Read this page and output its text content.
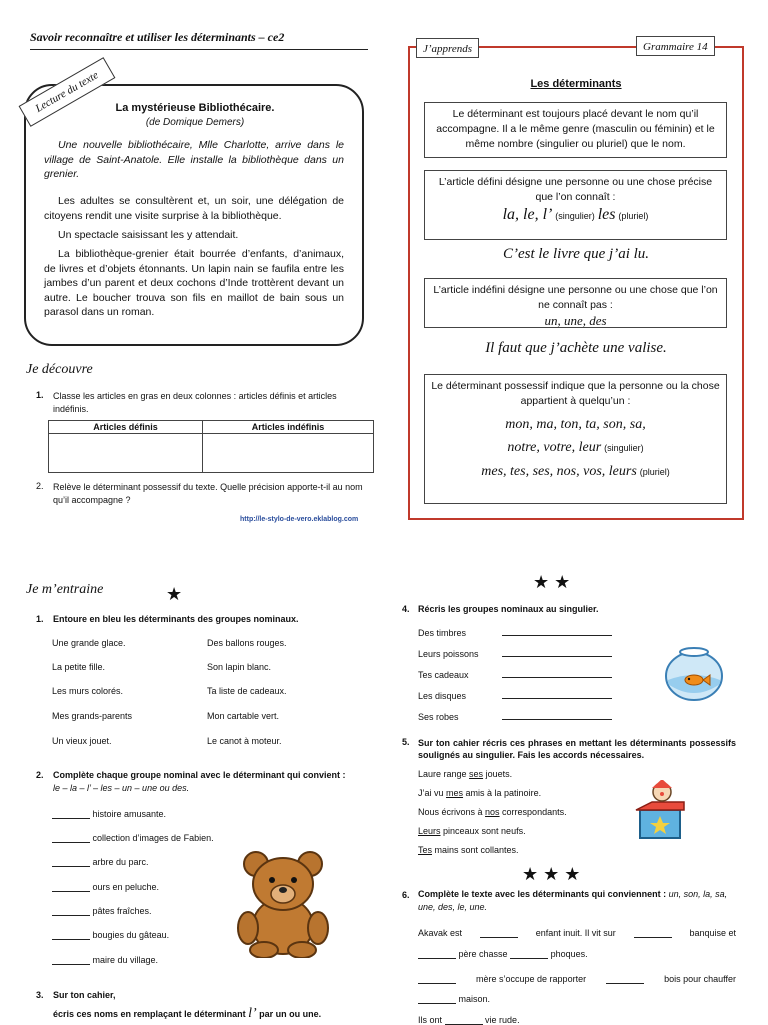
Savoir reconnaître et utiliser les déterminants – ce2
Lecture du texte	La mystérieuse Bibliothécaire.
(de Domique Demers)
Une nouvelle bibliothécaire, Mlle Charlotte, arrive dans le village de Saint-Anatole. Elle installe la bibliothèque dans un grenier.
Les adultes se consultèrent et, un soir, une délégation de citoyens rendit une visite surprise à la bibliothèque.
Un spectacle saisissant les y attendait.
La bibliothèque-grenier était bourrée d’enfants, d’animaux, de livres et d’objets étonnants. Un lapin nain se faufila entre les jambes d’un parent et deux cochons d’Inde trottèrent devant un autre. Le boucher trouva son fils en maillot de bain sous un parasol dans un roman.
Je découvre
1. Classe les articles en gras en deux colonnes : articles définis et articles indéfinis.
Articles définis	Articles indéfinis

2. Relève le déterminant possessif du texte. Quelle précision apporte-t-il au nom qu’il accompagne ?
http://le-stylo-de-vero.eklablog.com
J’apprends	Grammaire 14
Les déterminants
Le déterminant est toujours placé devant le nom qu’il accompagne. Il a le même genre (masculin ou féminin) et le même nombre (singulier ou pluriel) que le nom.
L’article défini désigne une personne ou une chose précise que l’on connaît :
la, le, l’ (singulier) les (pluriel)
C’est le livre que j’ai lu.
L’article indéfini désigne une personne ou une chose que l’on ne connaît pas :
un, une, des
Il faut que j’achète une valise.
Le déterminant possessif indique que la personne ou la chose appartient à quelqu’un :
mon, ma, ton, ta, son, sa,
notre, votre, leur (singulier)
mes, tes, ses, nos, vos, leurs (pluriel)
Je m’entraine	★
1. Entoure en bleu les déterminants des groupes nominaux.
Une grande glace.
La petite fille.
Les murs colorés.
Mes grands-parents
Un vieux jouet.
Des ballons rouges.
Son lapin blanc.
Ta liste de cadeaux.
Mon cartable vert.
Le canot à moteur.
2. Complète chaque groupe nominal avec le déterminant qui convient :
le – la – l’ – les – un – une ou des.
histoire amusante.
collection d’images de Fabien.
arbre du parc.
ours en peluche.
pâtes fraîches.
bougies du gâteau.
maire du village.
3. Sur ton cahier,
écris ces noms en remplaçant le déterminant l’ par un ou une.
★ ★
4. Récris les groupes nominaux au singulier.
Des timbres
Leurs poissons
Tes cadeaux
Les disques
Ses robes
5. Sur ton cahier récris ces phrases en mettant les déterminants possessifs soulignés au singulier. Fais les accords nécessaires.
Laure range ses jouets.
J’ai vu mes amis à la patinoire.
Nous écrivons à nos correspondants.
Leurs pinceaux sont neufs.
Tes mains sont collantes.
★ ★ ★
6. Complète le texte avec les déterminants qui conviennent : un, son, la, sa, une, des, le, une.
Akavak est	enfant inuit. Il vit sur	banquise et
père chasse	phoques.
mère s’occupe de rapporter	bois pour chauffer
maison.
Ils ont	vie rude.
